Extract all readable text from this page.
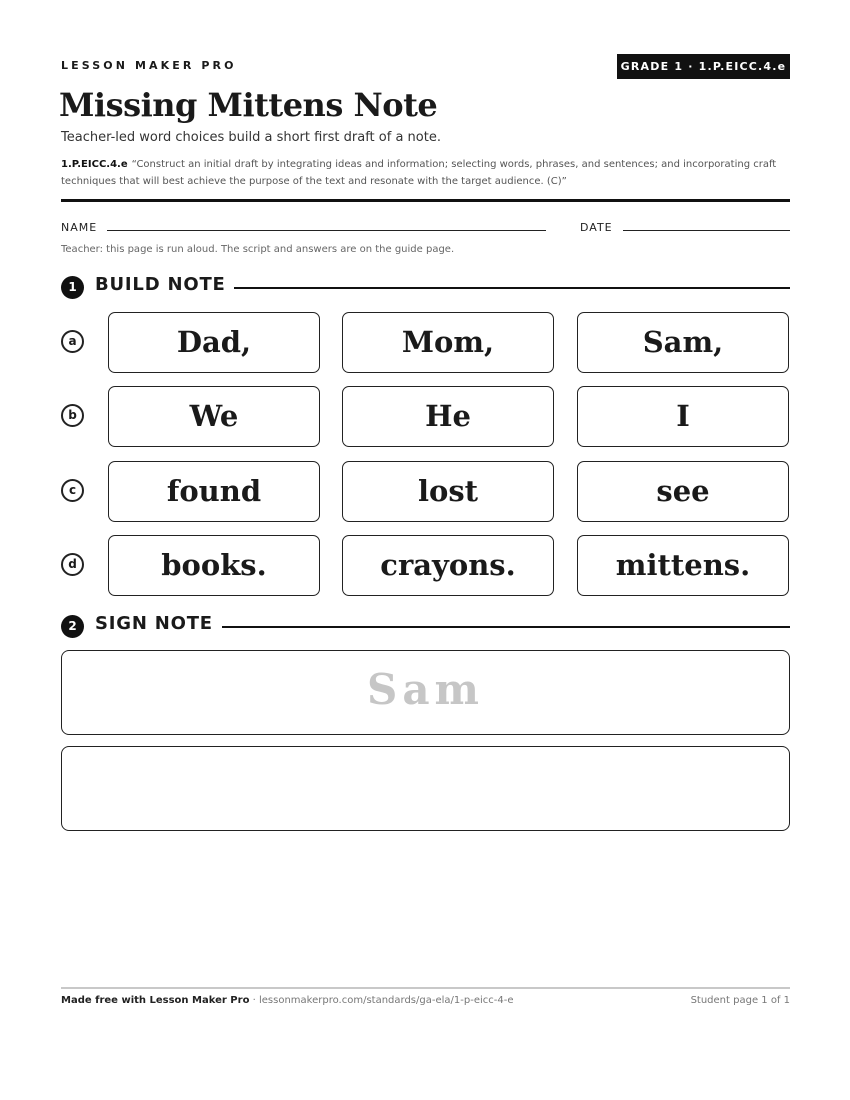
LESSON MAKER PRO	GRADE 1 · 1.P.EICC.4.e
Missing Mittens Note
Teacher-led word choices build a short first draft of a note.
1.P.EICC.4.e “Construct an initial draft by integrating ideas and information; selecting words, phrases, and sentences; and incorporating craft techniques that will best achieve the purpose of the text and resonate with the target audience. (C)”
NAME	DATE
Teacher: this page is run aloud. The script and answers are on the guide page.
1	BUILD NOTE
a	Dad,	Mom,	Sam,
b	We	He	I
c	found	lost	see
d	books.	crayons.	mittens.
2	SIGN NOTE
Sam
Made free with Lesson Maker Pro · lessonmakerpro.com/standards/ga-ela/1-p-eicc-4-e	Student page 1 of 1
